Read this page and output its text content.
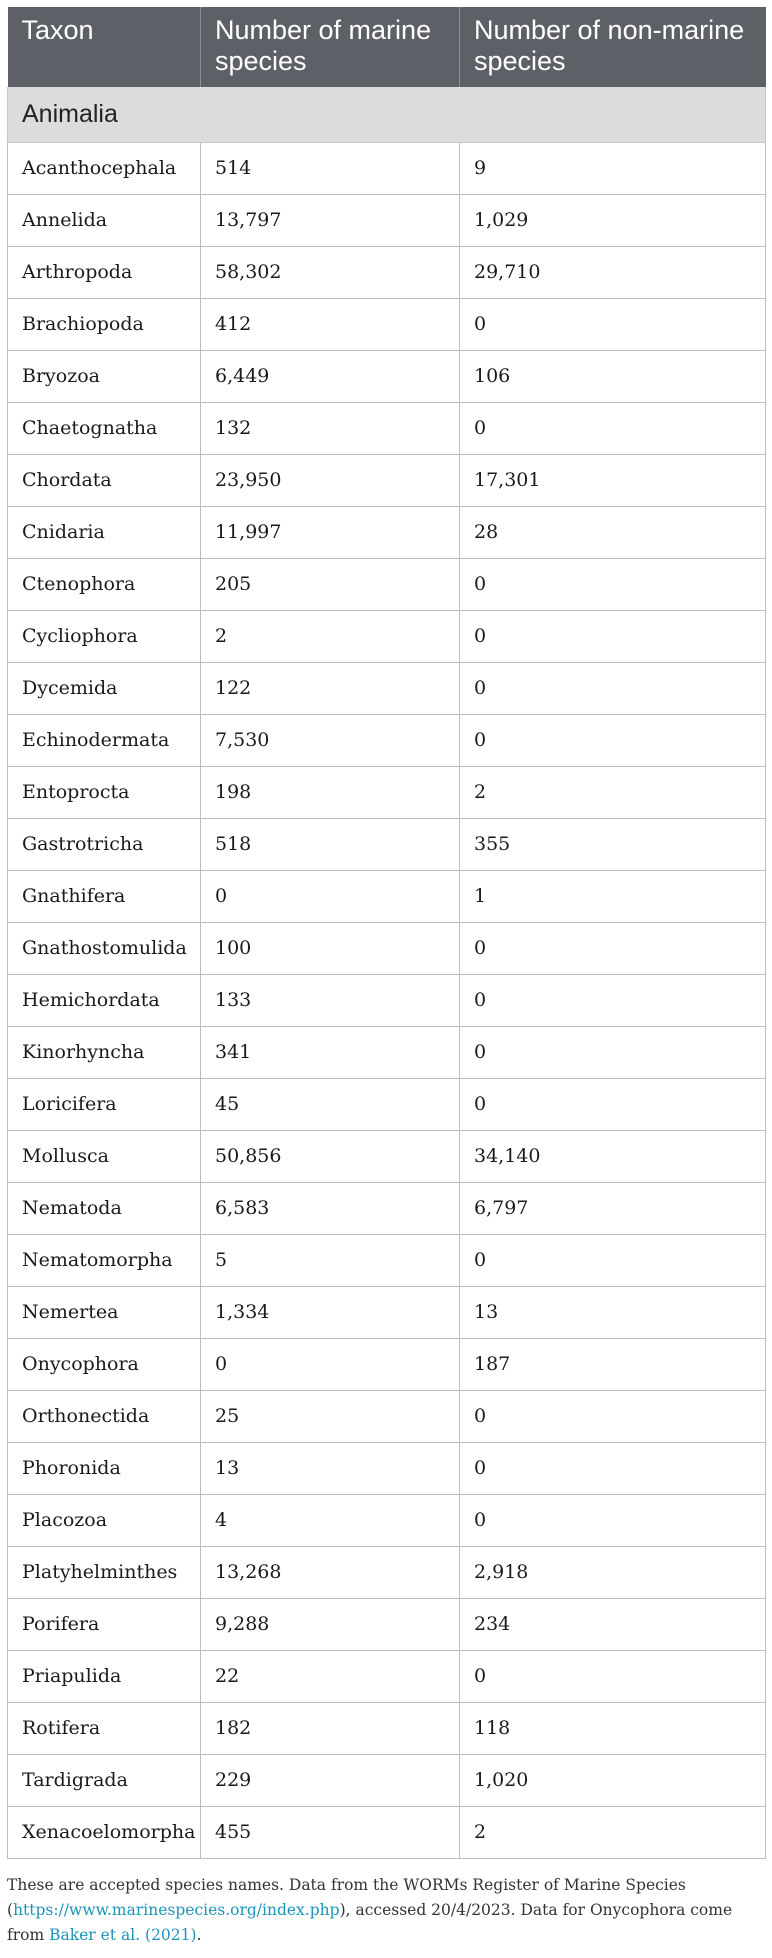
Taxon	Number of marine species	Number of non-marine species
Animalia		
Acanthocephala	514	9
Annelida	13,797	1,029
Arthropoda	58,302	29,710
Brachiopoda	412	0
Bryozoa	6,449	106
Chaetognatha	132	0
Chordata	23,950	17,301
Cnidaria	11,997	28
Ctenophora	205	0
Cycliophora	2	0
Dycemida	122	0
Echinodermata	7,530	0
Entoprocta	198	2
Gastrotricha	518	355
Gnathifera	0	1
Gnathostomulida	100	0
Hemichordata	133	0
Kinorhyncha	341	0
Loricifera	45	0
Mollusca	50,856	34,140
Nematoda	6,583	6,797
Nematomorpha	5	0
Nemertea	1,334	13
Onycophora	0	187
Orthonectida	25	0
Phoronida	13	0
Placozoa	4	0
Platyhelminthes	13,268	2,918
Porifera	9,288	234
Priapulida	22	0
Rotifera	182	118
Tardigrada	229	1,020
Xenacoelomorpha	455	2
These are accepted species names. Data from the WORMs Register of Marine Species (https://www.marinespecies.org/index.php), accessed 20/4/2023. Data for Onycophora come from Baker et al. (2021).
